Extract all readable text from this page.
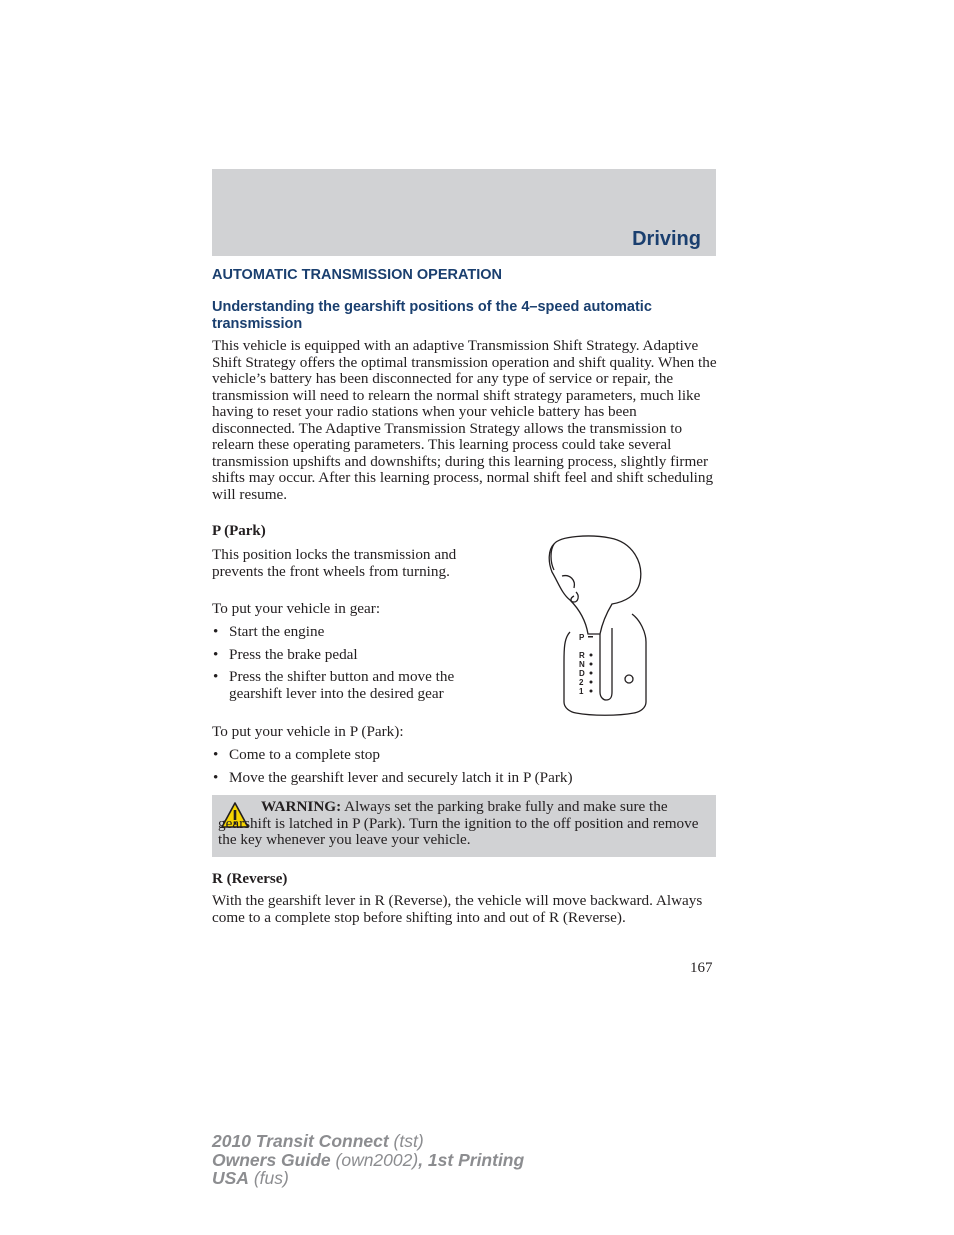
Driving
AUTOMATIC TRANSMISSION OPERATION
Understanding the gearshift positions of the 4–speed automatic transmission

This vehicle is equipped with an adaptive Transmission Shift Strategy. Adaptive Shift Strategy offers the optimal transmission operation and shift quality. When the vehicle’s battery has been disconnected for any type of service or repair, the transmission will need to relearn the normal shift strategy parameters, much like having to reset your radio stations when your vehicle battery has been disconnected. The Adaptive Transmission Strategy allows the transmission to relearn these operating parameters. This learning process could take several transmission upshifts and downshifts; during this learning process, slightly firmer shifts may occur. After this learning process, normal shift feel and shift scheduling will resume.

P (Park)

This position locks the transmission and prevents the front wheels from turning.

To put your vehicle in gear:

• Start the engine
• Press the brake pedal
• Press the shifter button and move the gearshift lever into the desired gear

To put your vehicle in P (Park):

• Come to a complete stop
• Move the gearshift lever and securely latch it in P (Park)
P
R
N
D
2
1

WARNING: Always set the parking brake fully and make sure the gearshift is latched in P (Park). Turn the ignition to the off position and remove the key whenever you leave your vehicle.

R (Reverse)

With the gearshift lever in R (Reverse), the vehicle will move backward. Always come to a complete stop before shifting into and out of R (Reverse).

167
2010 Transit Connect (tst)
Owners Guide (own2002), 1st Printing
USA (fus)
